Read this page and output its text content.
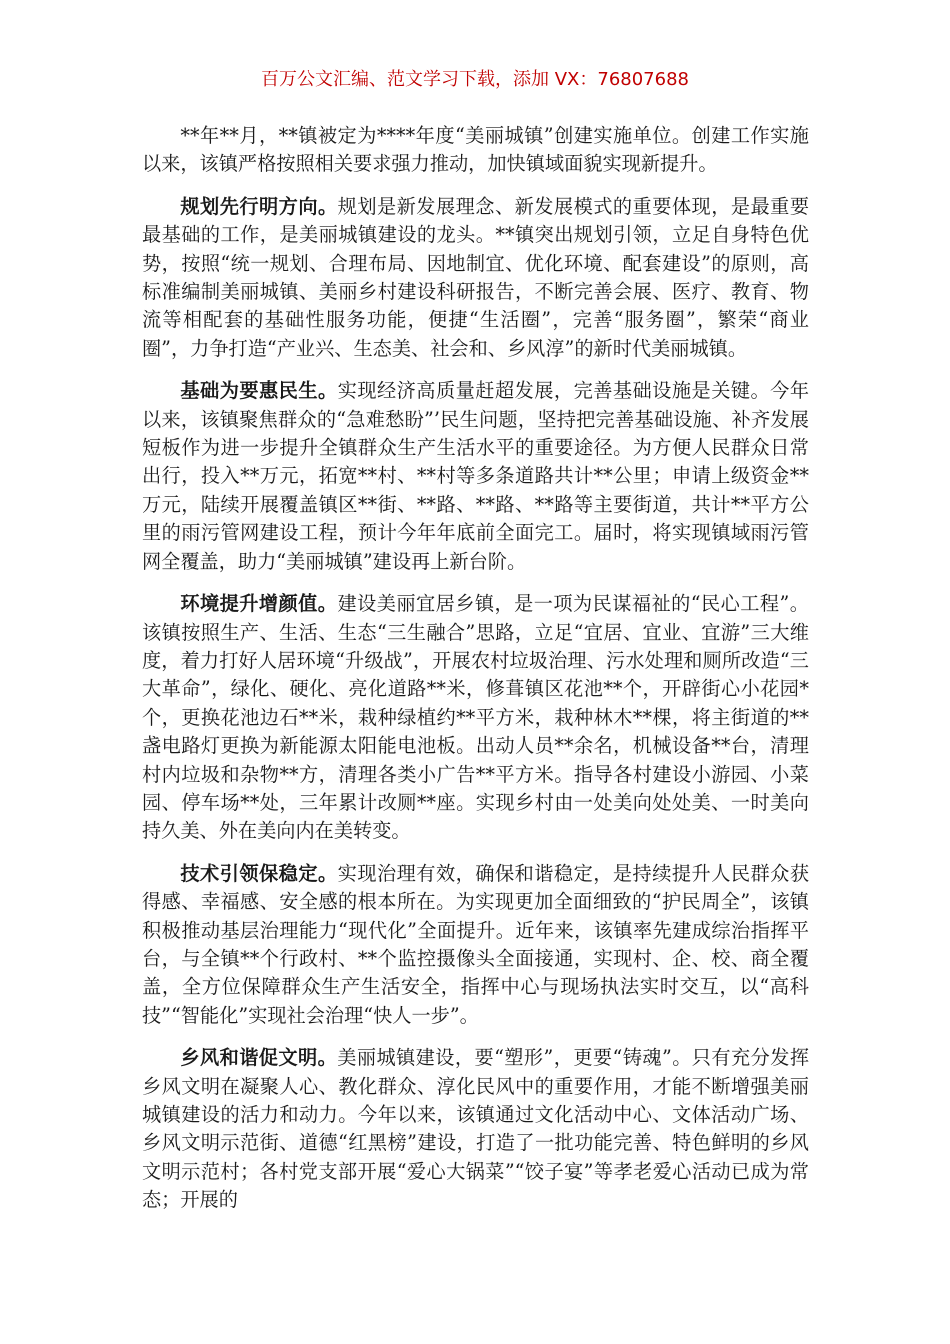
百万公文汇编、范文学习下载，添加 VX：76807688

**年**月，**镇被定为****年度“美丽城镇”创建实施单位。创建工作实施以来，该镇严格按照相关要求强力推动，加快镇域面貌实现新提升。

规划先行明方向。规划是新发展理念、新发展模式的重要体现，是最重要最基础的工作，是美丽城镇建设的龙头。**镇突出规划引领，立足自身特色优势，按照“统一规划、合理布局、因地制宜、优化环境、配套建设”的原则，高标准编制美丽城镇、美丽乡村建设科研报告，不断完善会展、医疗、教育、物流等相配套的基础性服务功能，便捷“生活圈”，完善“服务圈”，繁荣“商业圈”，力争打造“产业兴、生态美、社会和、乡风淳”的新时代美丽城镇。

基础为要惠民生。实现经济高质量赶超发展，完善基础设施是关键。今年以来，该镇聚焦群众的“急难愁盼”’民生问题，坚持把完善基础设施、补齐发展短板作为进一步提升全镇群众生产生活水平的重要途径。为方便人民群众日常出行，投入**万元，拓宽**村、**村等多条道路共计**公里；申请上级资金**万元，陆续开展覆盖镇区**街、**路、**路、**路等主要街道，共计**平方公里的雨污管网建设工程，预计今年年底前全面完工。届时，将实现镇域雨污管网全覆盖，助力“美丽城镇”建设再上新台阶。

环境提升增颜值。建设美丽宜居乡镇，是一项为民谋福祉的“民心工程”。该镇按照生产、生活、生态“三生融合”思路，立足“宜居、宜业、宜游”三大维度，着力打好人居环境“升级战”，开展农村垃圾治理、污水处理和厕所改造“三大革命”，绿化、硬化、亮化道路**米，修葺镇区花池**个，开辟街心小花园*个，更换花池边石**米，栽种绿植约**平方米，栽种林木**棵，将主街道的**盏电路灯更换为新能源太阳能电池板。出动人员**余名，机械设备**台，清理村内垃圾和杂物**方，清理各类小广告**平方米。指导各村建设小游园、小菜园、停车场**处，三年累计改厕**座。实现乡村由一处美向处处美、一时美向持久美、外在美向内在美转变。

技术引领保稳定。实现治理有效，确保和谐稳定，是持续提升人民群众获得感、幸福感、安全感的根本所在。为实现更加全面细致的“护民周全”，该镇积极推动基层治理能力“现代化”全面提升。近年来，该镇率先建成综治指挥平台，与全镇**个行政村、**个监控摄像头全面接通，实现村、企、校、商全覆盖，全方位保障群众生产生活安全，指挥中心与现场执法实时交互，以“高科技”“智能化”实现社会治理“快人一步”。

乡风和谐促文明。美丽城镇建设，要“塑形”，更要“铸魂”。只有充分发挥乡风文明在凝聚人心、教化群众、淳化民风中的重要作用，才能不断增强美丽城镇建设的活力和动力。今年以来，该镇通过文化活动中心、文体活动广场、乡风文明示范街、道德“红黑榜”建设，打造了一批功能完善、特色鲜明的乡风文明示范村；各村党支部开展“爱心大锅菜”“饺子宴”等孝老爱心活动已成为常态；开展的
